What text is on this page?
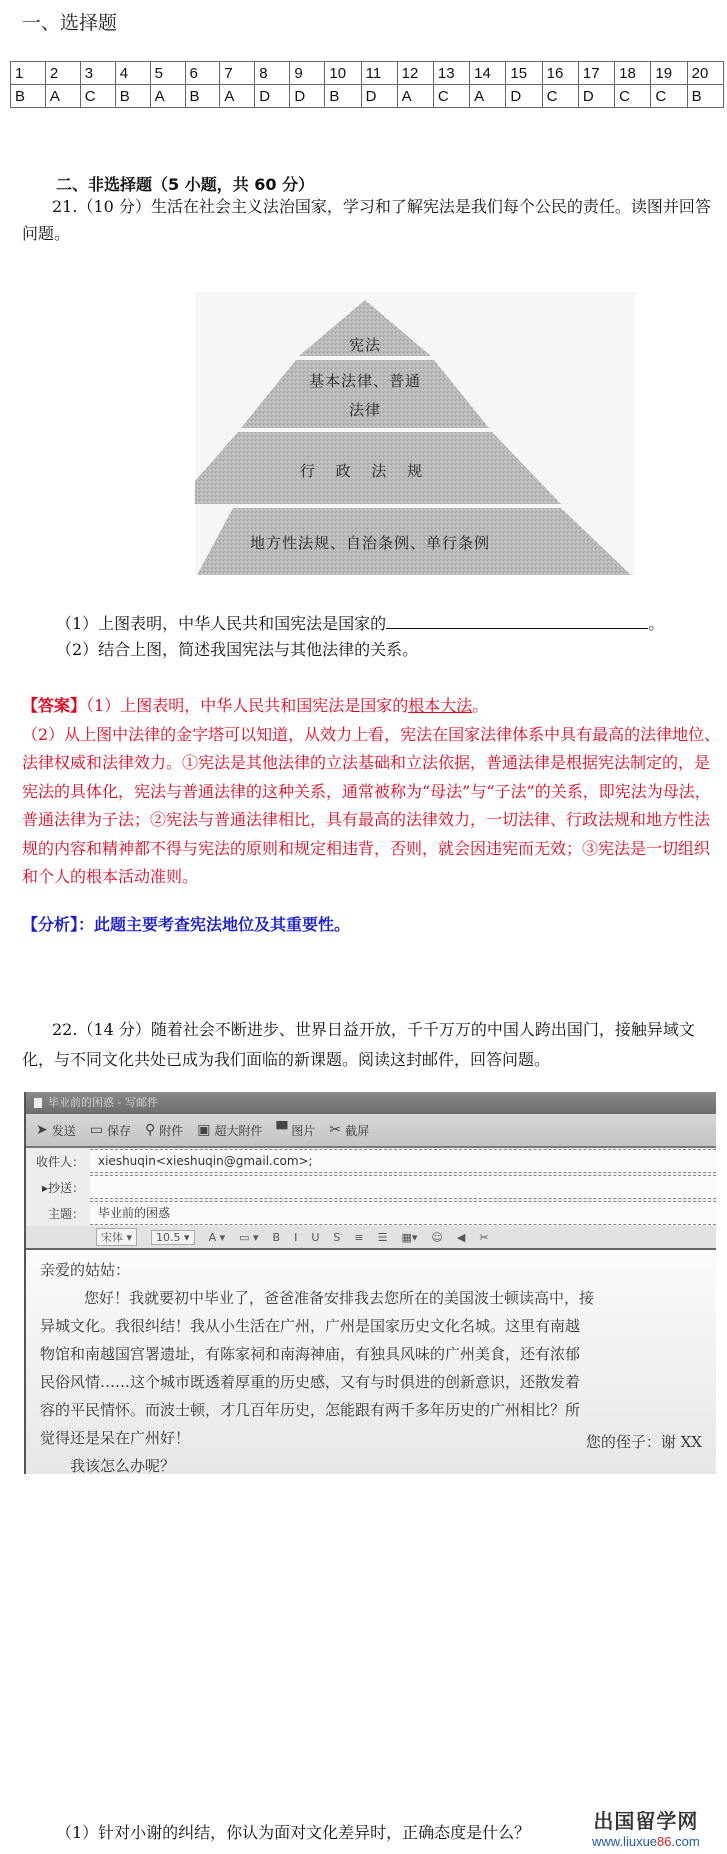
一、选择题
1	2	3	4	5	6	7	8	9	10	11	12	13	14	15	16	17	18	19	20
B	A	C	B	A	B	A	D	D	B	D	A	C	A	D	C	D	C	C	B
二、非选择题（5 小题，共 60 分）
21.（10 分）生活在社会主义法治国家，学习和了解宪法是我们每个公民的责任。读图并回答问题。
宪法
基本法律、普通
法律
行 政 法 规
地方性法规、自治条例、单行条例
（1）上图表明，中华人民共和国宪法是国家的	。
（2）结合上图，简述我国宪法与其他法律的关系。
【答案】（1）上图表明，中华人民共和国宪法是国家的根本大法。
（2）从上图中法律的金字塔可以知道，从效力上看，宪法在国家法律体系中具有最高的法律地位、法律权威和法律效力。①宪法是其他法律的立法基础和立法依据，普通法律是根据宪法制定的，是宪法的具体化，宪法与普通法律的这种关系，通常被称为“母法”与“子法”的关系，即宪法为母法，普通法律为子法；②宪法与普通法律相比，具有最高的法律效力，一切法律、行政法规和地方性法规的内容和精神都不得与宪法的原则和规定相违背，否则，就会因违宪而无效；③宪法是一切组织和个人的根本活动准则。
【分析】：此题主要考查宪法地位及其重要性。
22.（14 分）随着社会不断进步、世界日益开放，千千万万的中国人跨出国门，接触异域文化，与不同文化共处已成为我们面临的新课题。阅读这封邮件，回答问题。
毕业前的困惑 - 写邮件
➤ 发送 ▭ 保存 ⚲ 附件 ▣ 超大附件 ▀ 图片 ✂ 截屏
收件人：	xieshuqin<xieshuqin@gmail.com>;
▸抄送：
主题：	毕业前的困惑
宋体 ▾	10.5 ▾	A ▾ ▭ ▾ B I U S ≡ ☰ ▦▾ ☺ ◀ ✂
亲爱的姑姑：
您好！我就要初中毕业了，爸爸准备安排我去您所在的美国波士顿读高中，接
异城文化。我很纠结！我从小生活在广州，广州是国家历史文化名城。这里有南越
物馆和南越国宫署遗址，有陈家祠和南海神庙，有独具风味的广州美食，还有浓郁
民俗风情……这个城市既透着厚重的历史感，又有与时俱进的创新意识，还散发着
容的平民情怀。而波士顿，才几百年历史，怎能跟有两千多年历史的广州相比？所
觉得还是呆在广州好！
我该怎么办呢？
您的侄子：谢 XX
（1）针对小谢的纠结，你认为面对文化差异时，正确态度是什么？	出国留学网
www.liuxue86.com
